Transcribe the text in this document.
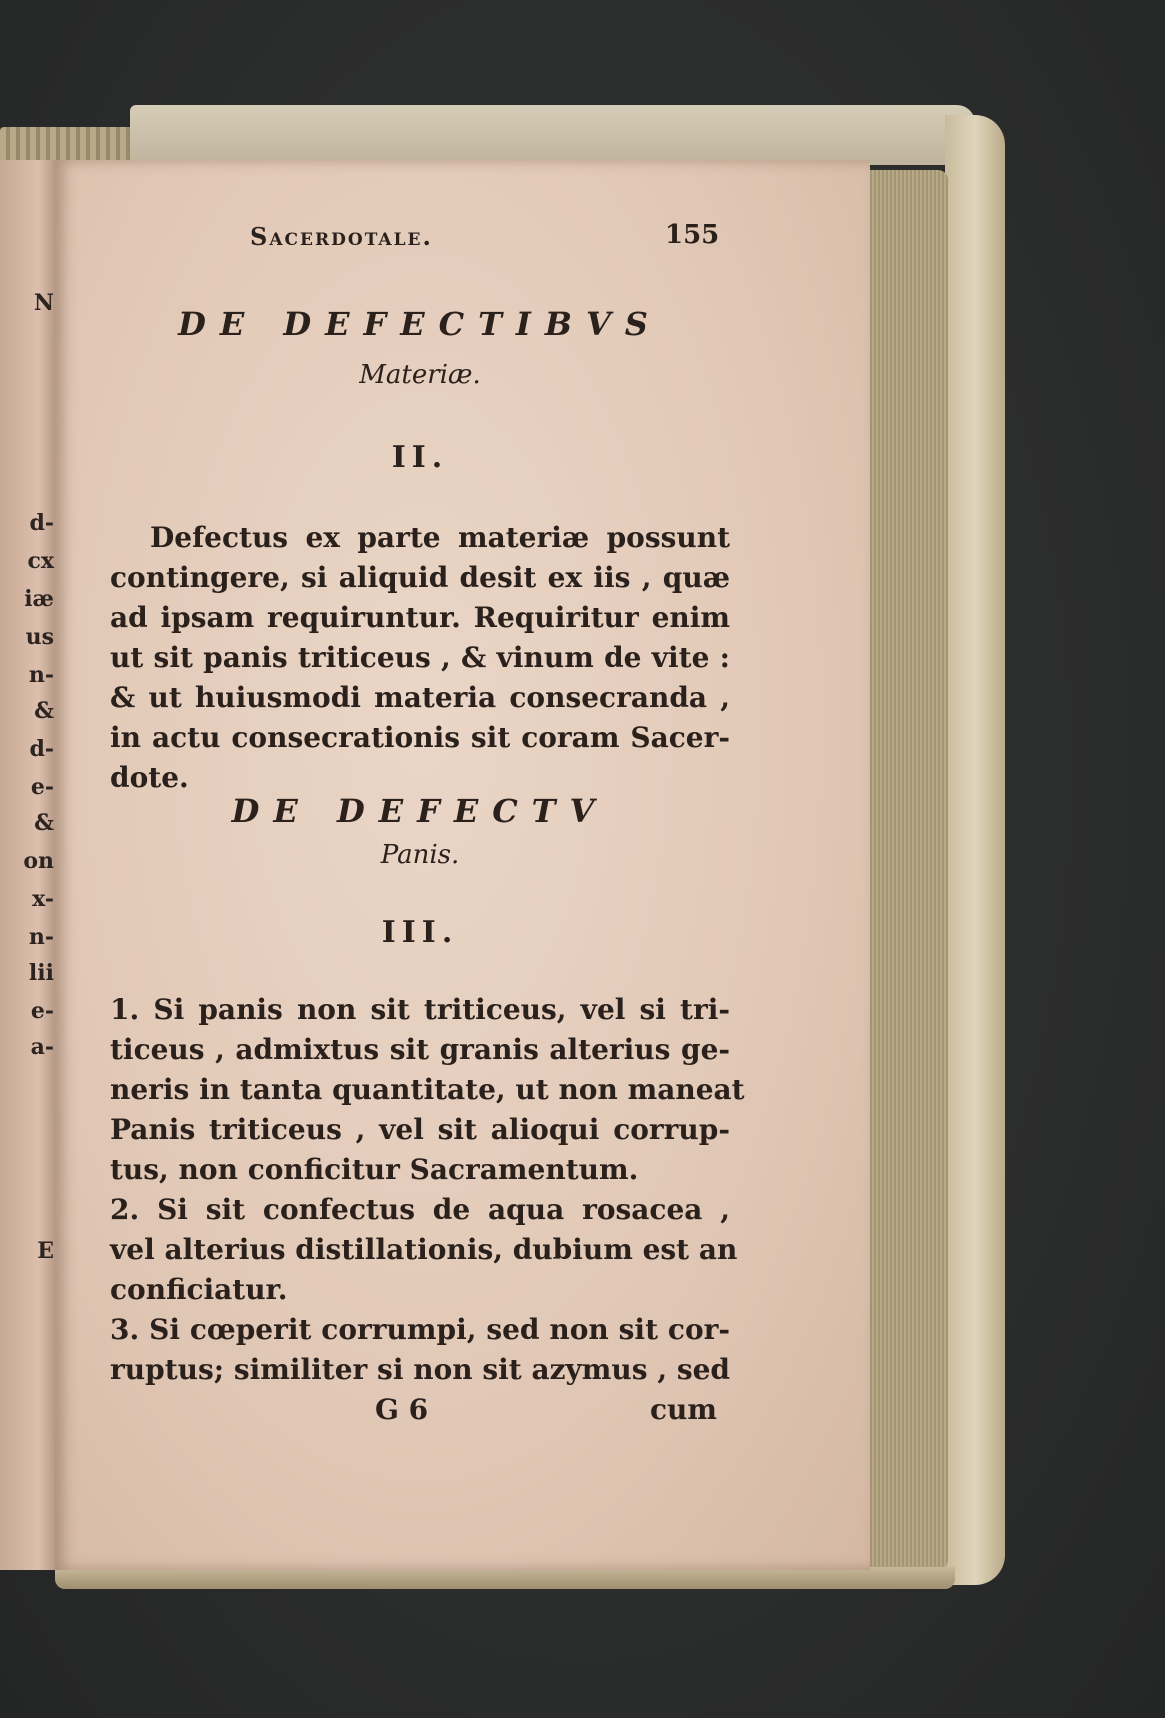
N
d-
cx
iæ
us
n-
&
d-
e-
&
on
x-
n-
lii
e-
a-
E
Sacerdotale.	155
DE DEFECTIBVS
Materiæ.
II.
Defectus ex parte materiæ possunt
contingere, si aliquid desit ex iis , quæ
ad ipsam requiruntur. Requiritur enim
ut sit panis triticeus , & vinum de vite :
& ut huiusmodi materia consecranda ,
in actu consecrationis sit coram Sacer-
dote.
DE DEFECTV
Panis.
III.
1. Si panis non sit triticeus, vel si tri-
ticeus , admixtus sit granis alterius ge-
neris in tanta quantitate, ut non maneat
Panis triticeus , vel sit alioqui corrup-
tus, non conficitur Sacramentum.
2. Si sit confectus de aqua rosacea ,
vel alterius distillationis, dubium est an
conficiatur.
3. Si cœperit corrumpi, sed non sit cor-
ruptus; similiter si non sit azymus , sed
G 6	cum
